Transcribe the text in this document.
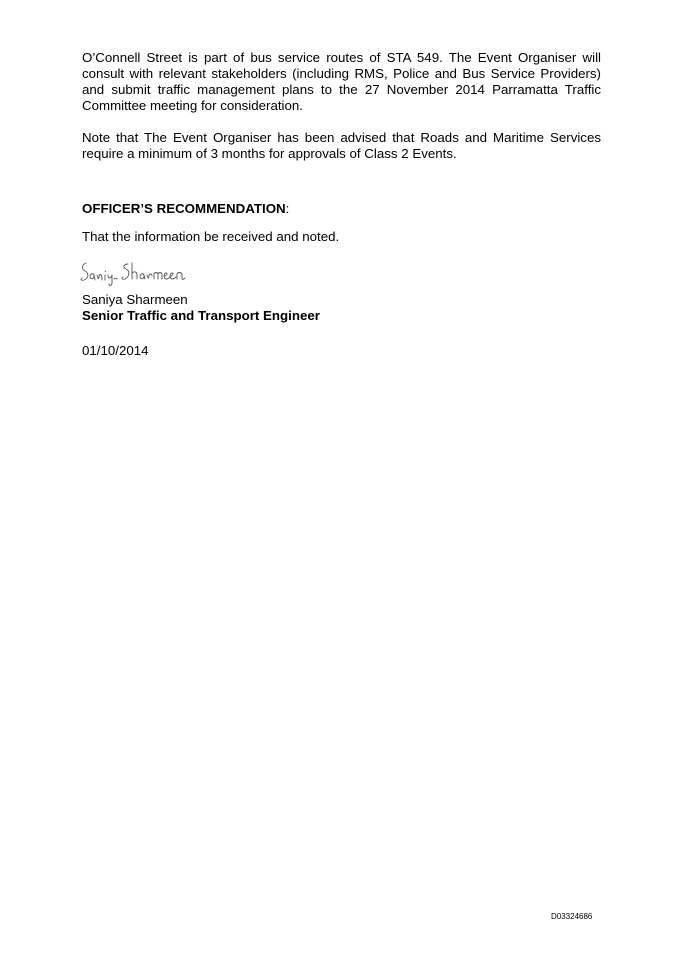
O’Connell Street is part of bus service routes of STA 549. The Event Organiser will consult with relevant stakeholders (including RMS, Police and Bus Service Providers) and submit traffic management plans to the 27 November 2014 Parramatta Traffic Committee meeting for consideration.

Note that The Event Organiser has been advised that Roads and Maritime Services require a minimum of 3 months for approvals of Class 2 Events.

OFFICER’S RECOMMENDATION:

That the information be received and noted.

Saniya Sharmeen

Senior Traffic and Transport Engineer

01/10/2014

D03324686
